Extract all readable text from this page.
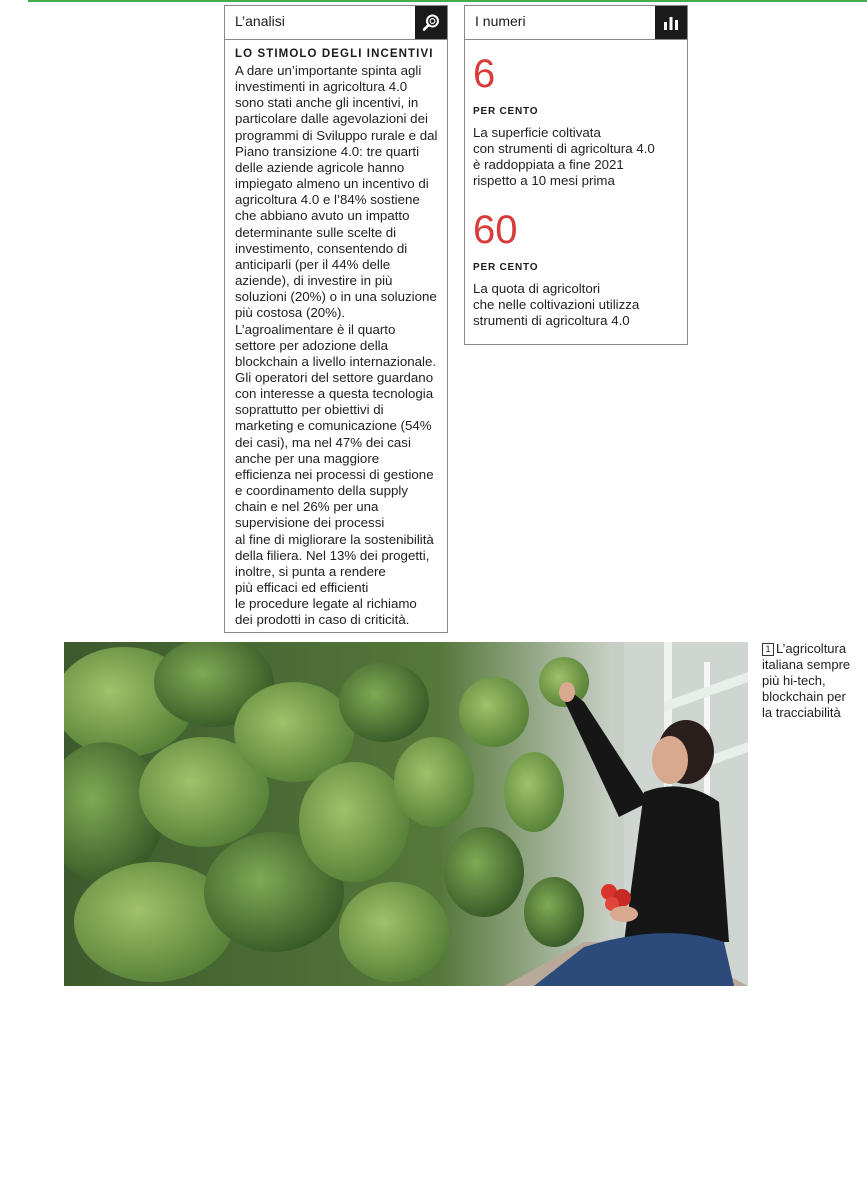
L’analisi
LO STIMOLO DEGLI INCENTIVI
A dare un’importante spinta agli
investimenti in agricoltura 4.0
sono stati anche gli incentivi, in
particolare dalle agevolazioni dei
programmi di Sviluppo rurale e dal
Piano transizione 4.0: tre quarti
delle aziende agricole hanno
impiegato almeno un incentivo di
agricoltura 4.0 e l’84% sostiene
che abbiano avuto un impatto
determinante sulle scelte di
investimento, consentendo di
anticiparli (per il 44% delle
aziende), di investire in più
soluzioni (20%) o in una soluzione
più costosa (20%).
L’agroalimentare è il quarto
settore per adozione della
blockchain a livello internazionale.
Gli operatori del settore guardano
con interesse a questa tecnologia
soprattutto per obiettivi di
marketing e comunicazione (54%
dei casi), ma nel 47% dei casi
anche per una maggiore
efficienza nei processi di gestione
e coordinamento della supply
chain e nel 26% per una
supervisione dei processi
al fine di migliorare la sostenibilità
della filiera. Nel 13% dei progetti,
inoltre, si punta a rendere
più efficaci ed efficienti
le procedure legate al richiamo
dei prodotti in caso di criticità.
I numeri
6
PER CENTO
La superficie coltivata
con strumenti di agricoltura 4.0
è raddoppiata a fine 2021
rispetto a 10 mesi prima
60
PER CENTO
La quota di agricoltori
che nelle coltivazioni utilizza
strumenti di agricoltura 4.0
1 L’agricoltura
italiana sempre
più hi-tech,
blockchain per
la tracciabilità
